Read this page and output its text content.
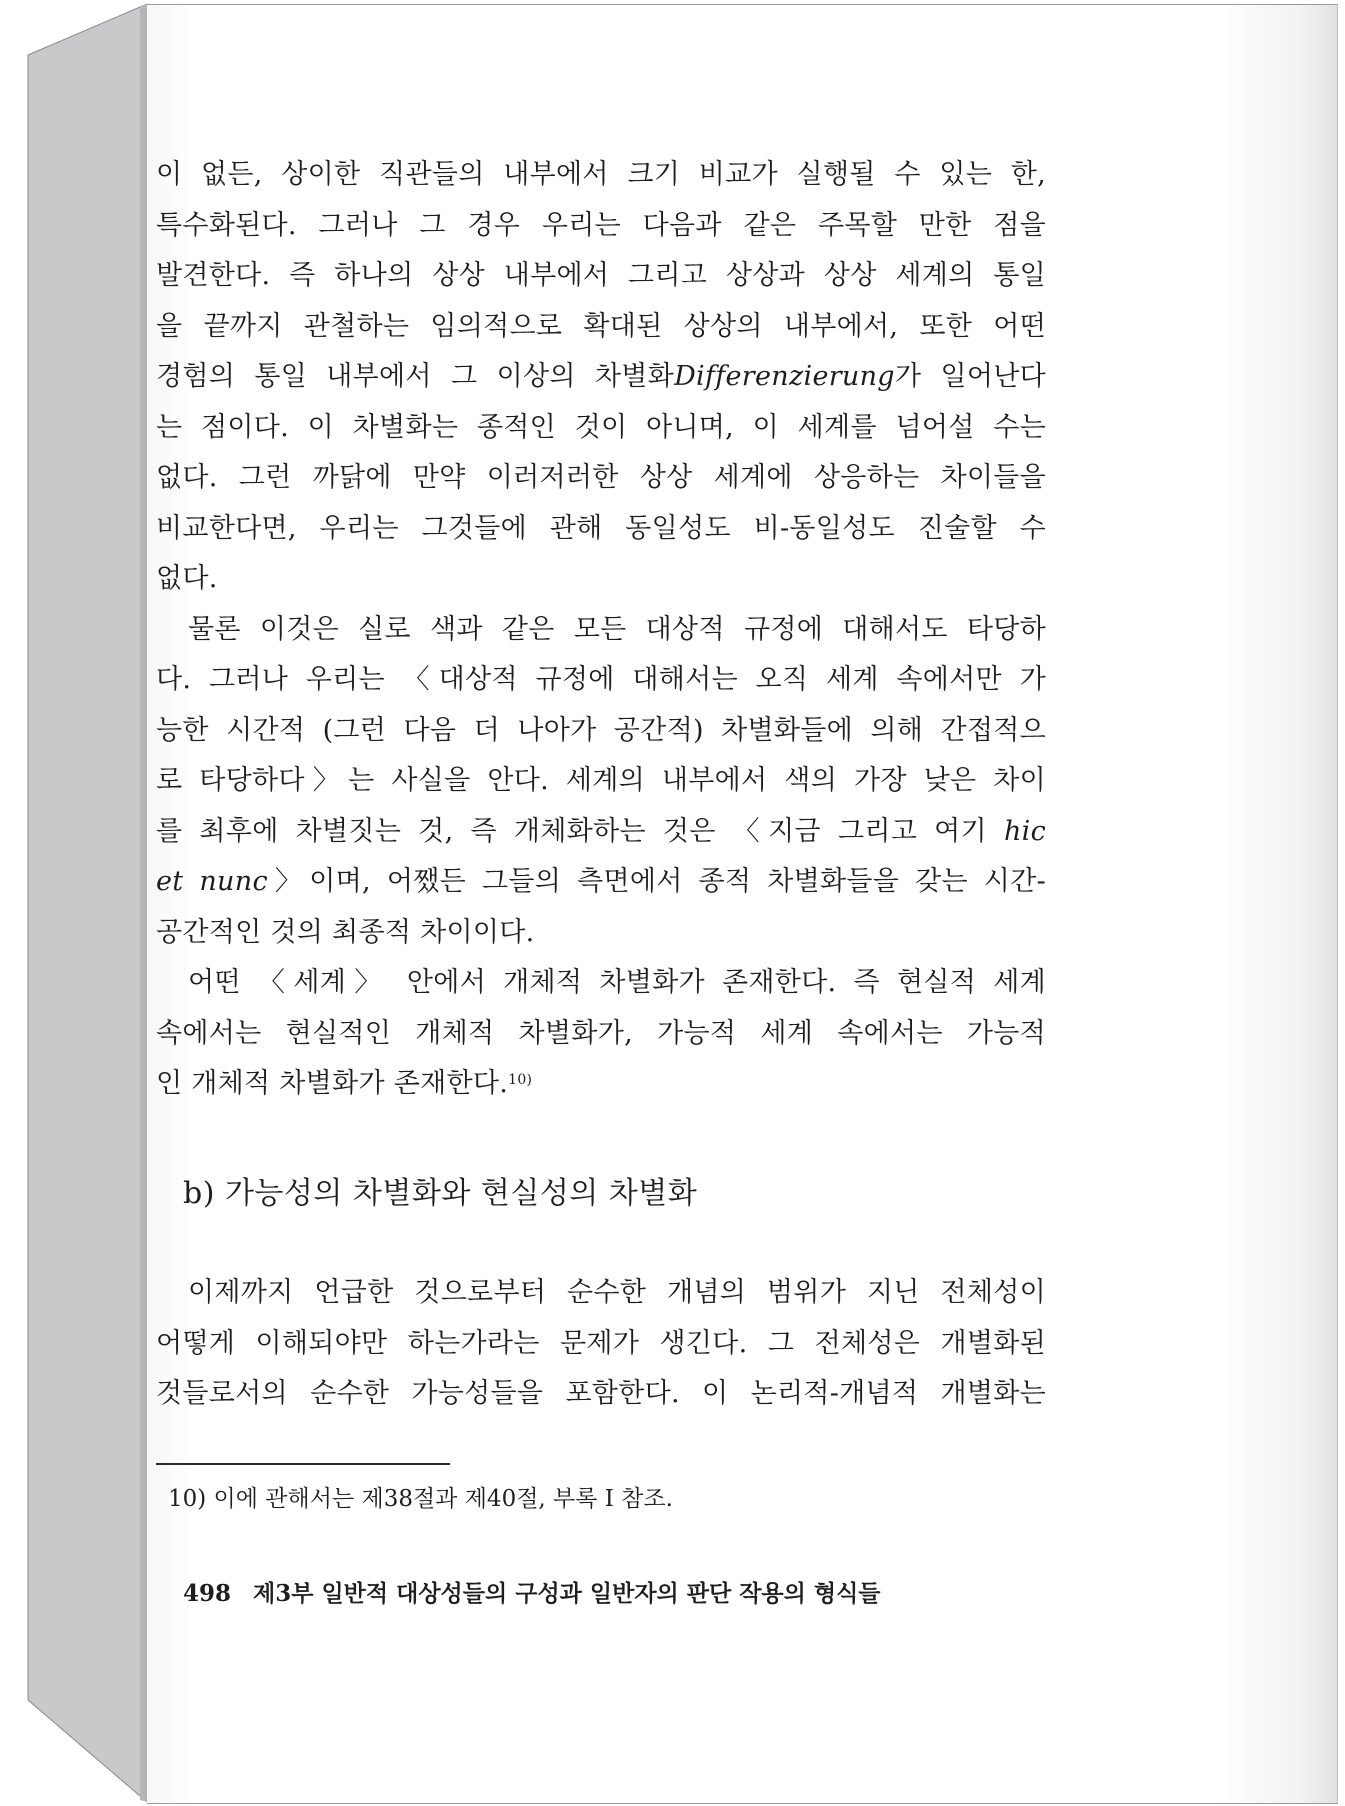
이 없든, 상이한 직관들의 내부에서 크기 비교가 실행될 수 있는 한,
특수화된다. 그러나 그 경우 우리는 다음과 같은 주목할 만한 점을
발견한다. 즉 하나의 상상 내부에서 그리고 상상과 상상 세계의 통일
을 끝까지 관철하는 임의적으로 확대된 상상의 내부에서, 또한 어떤
경험의 통일 내부에서 그 이상의 차별화Differenzierung가 일어난다
는 점이다. 이 차별화는 종적인 것이 아니며, 이 세계를 넘어설 수는
없다. 그런 까닭에 만약 이러저러한 상상 세계에 상응하는 차이들을
비교한다면, 우리는 그것들에 관해 동일성도 비-동일성도 진술할 수
없다.
물론 이것은 실로 색과 같은 모든 대상적 규정에 대해서도 타당하
다. 그러나 우리는 〈대상적 규정에 대해서는 오직 세계 속에서만 가
능한 시간적 (그런 다음 더 나아가 공간적) 차별화들에 의해 간접적으
로 타당하다〉는 사실을 안다. 세계의 내부에서 색의 가장 낮은 차이
를 최후에 차별짓는 것, 즉 개체화하는 것은 〈지금 그리고 여기 hic
et nunc〉이며, 어쨌든 그들의 측면에서 종적 차별화들을 갖는 시간-
공간적인 것의 최종적 차이이다.
어떤 〈세계〉 안에서 개체적 차별화가 존재한다. 즉 현실적 세계
속에서는 현실적인 개체적 차별화가, 가능적 세계 속에서는 가능적
인 개체적 차별화가 존재한다.$^{10)}$
b) 가능성의 차별화와 현실성의 차별화
이제까지 언급한 것으로부터 순수한 개념의 범위가 지닌 전체성이
어떻게 이해되야만 하는가라는 문제가 생긴다. 그 전체성은 개별화된
것들로서의 순수한 가능성들을 포함한다. 이 논리적-개념적 개별화는
10) 이에 관해서는 제38절과 제40절, 부록 I 참조.
498 제3부 일반적 대상성들의 구성과 일반자의 판단 작용의 형식들
